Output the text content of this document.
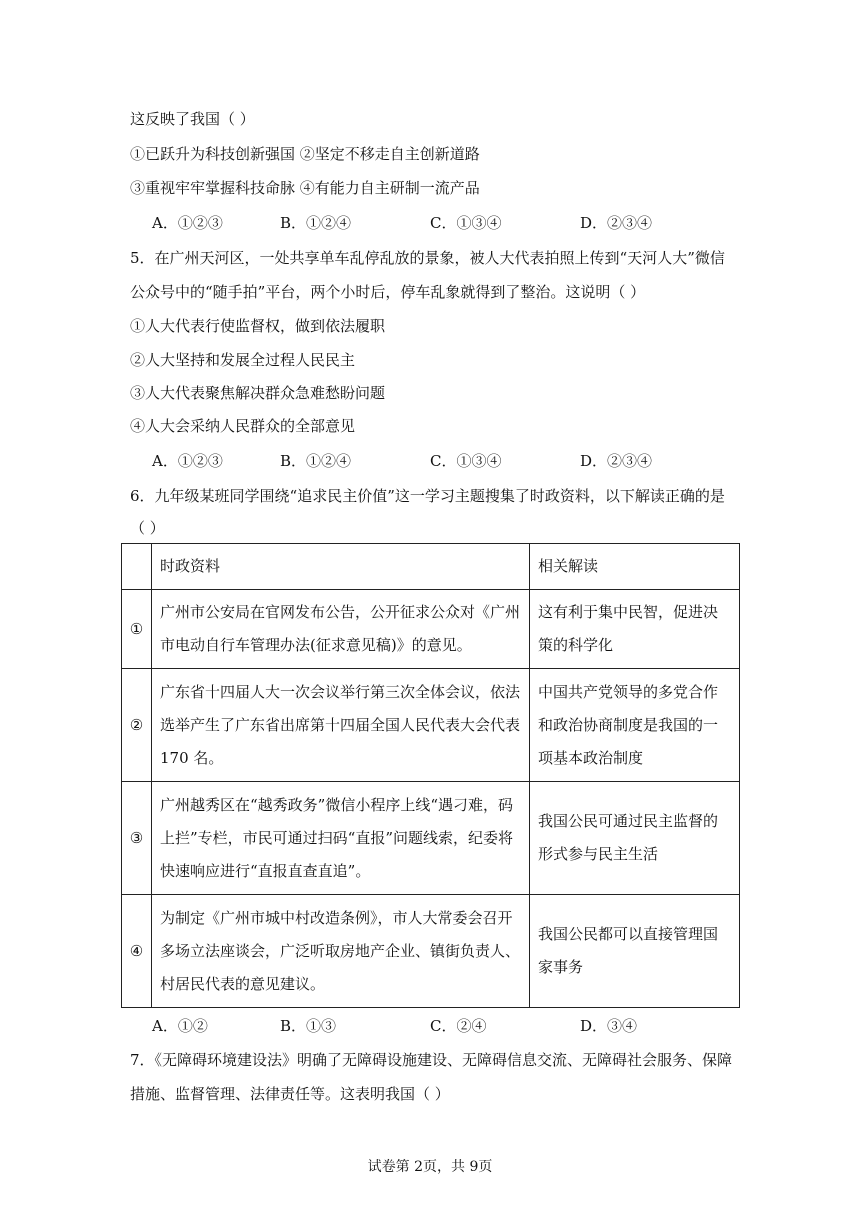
这反映了我国（ ）
①已跃升为科技创新强国 ②坚定不移走自主创新道路
③重视牢牢掌握科技命脉 ④有能力自主研制一流产品
A．①②③	B．①②④	C．①③④	D．②③④
5．在广州天河区，一处共享单车乱停乱放的景象，被人大代表拍照上传到“天河人大”微信
公众号中的“随手拍”平台，两个小时后，停车乱象就得到了整治。这说明（ ）
①人大代表行使监督权，做到依法履职
②人大坚持和发展全过程人民民主
③人大代表聚焦解决群众急难愁盼问题
④人大会采纳人民群众的全部意见
A．①②③	B．①②④	C．①③④	D．②③④
6．九年级某班同学围绕“追求民主价值”这一学习主题搜集了时政资料，以下解读正确的是
（ ）
	时政资料	相关解读
①	广州市公安局在官网发布公告，公开征求公众对《广州市电动自行车管理办法(征求意见稿)》的意见。	这有利于集中民智，促进决策的科学化
②	广东省十四届人大一次会议举行第三次全体会议，依法选举产生了广东省出席第十四届全国人民代表大会代表 170 名。	中国共产党领导的多党合作和政治协商制度是我国的一项基本政治制度
③	广州越秀区在“越秀政务”微信小程序上线“遇刁难，码上拦”专栏，市民可通过扫码“直报”问题线索，纪委将快速响应进行“直报直查直追”。	我国公民可通过民主监督的形式参与民主生活
④	为制定《广州市城中村改造条例》，市人大常委会召开多场立法座谈会，广泛听取房地产企业、镇街负责人、村居民代表的意见建议。	我国公民都可以直接管理国家事务
A．①②	B．①③	C．②④	D．③④
7．《无障碍环境建设法》明确了无障碍设施建设、无障碍信息交流、无障碍社会服务、保障
措施、监督管理、法律责任等。这表明我国（ ）
试卷第 2页，共 9页
